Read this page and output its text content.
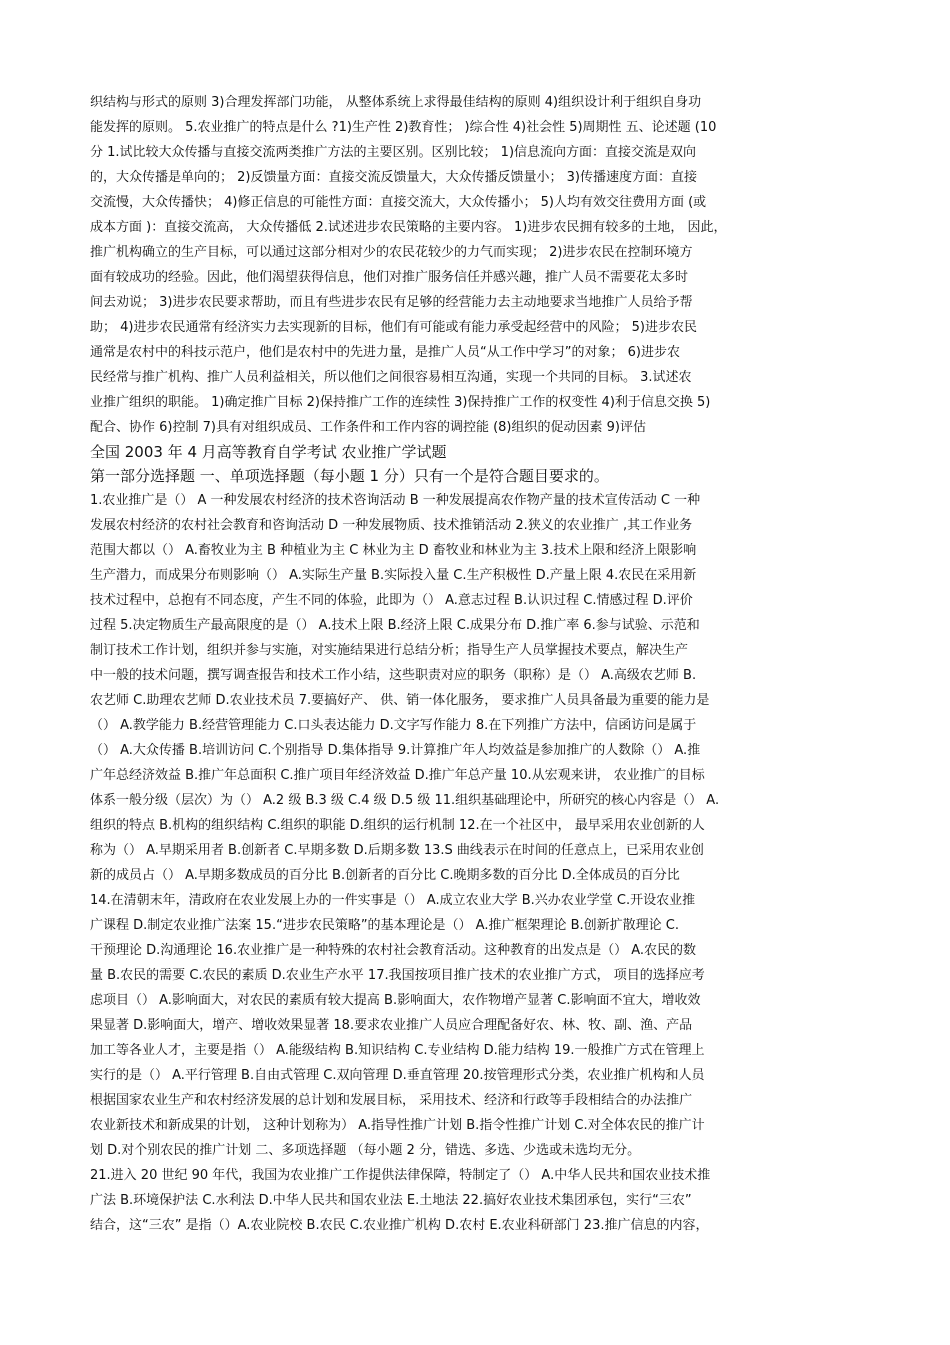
织结构与形式的原则 3)合理发挥部门功能， 从整体系统上求得最佳结构的原则 4)组织设计利于组织自身功
能发挥的原则。 5.农业推广的特点是什么 ?1)生产性 2)教育性； )综合性 4)社会性 5)周期性 五、论述题 (10
分 1.试比较大众传播与直接交流两类推广方法的主要区别。区别比较； 1)信息流向方面：直接交流是双向
的，大众传播是单向的； 2)反馈量方面：直接交流反馈量大，大众传播反馈量小； 3)传播速度方面：直接
交流慢，大众传播快； 4)修正信息的可能性方面：直接交流大，大众传播小； 5)人均有效交往费用方面 (或
成本方面 )：直接交流高， 大众传播低 2.试述进步农民策略的主要内容。 1)进步农民拥有较多的土地， 因此，
推广机构确立的生产目标，可以通过这部分相对少的农民花较少的力气而实现； 2)进步农民在控制环境方
面有较成功的经验。因此，他们渴望获得信息，他们对推广服务信任并感兴趣，推广人员不需要花太多时
间去劝说； 3)进步农民要求帮助，而且有些进步农民有足够的经营能力去主动地要求当地推广人员给予帮
助； 4)进步农民通常有经济实力去实现新的目标，他们有可能或有能力承受起经营中的风险； 5)进步农民
通常是农村中的科技示范户，他们是农村中的先进力量，是推广人员“从工作中学习”的对象； 6)进步农
民经常与推广机构、推广人员利益相关，所以他们之间很容易相互沟通，实现一个共同的目标。 3.试述农
业推广组织的职能。 1)确定推广目标 2)保持推广工作的连续性 3)保持推广工作的权变性 4)利于信息交换 5)
配合、协作 6)控制 7)具有对组织成员、工作条件和工作内容的调控能 (8)组织的促动因素 9)评估
全国 2003 年 4 月高等教育自学考试 农业推广学试题
第一部分选择题 一、单项选择题（每小题 1 分）只有一个是符合题目要求的。
1.农业推广是（） A 一种发展农村经济的技术咨询活动 B 一种发展提高农作物产量的技术宣传活动 C 一种
发展农村经济的农村社会教育和咨询活动 D 一种发展物质、技术推销活动 2.狭义的农业推广 ,其工作业务
范围大都以（） A.畜牧业为主 B 种植业为主 C 林业为主 D 畜牧业和林业为主 3.技术上限和经济上限影响
生产潜力，而成果分布则影响（） A.实际生产量 B.实际投入量 C.生产积极性 D.产量上限 4.农民在采用新
技术过程中，总抱有不同态度，产生不同的体验，此即为（） A.意志过程 B.认识过程 C.情感过程 D.评价
过程 5.决定物质生产最高限度的是（） A.技术上限 B.经济上限 C.成果分布 D.推广率 6.参与试验、示范和
制订技术工作计划，组织并参与实施，对实施结果进行总结分析；指导生产人员掌握技术要点，解决生产
中一般的技术问题，撰写调查报告和技术工作小结，这些职责对应的职务（职称）是（） A.高级农艺师 B.
农艺师 C.助理农艺师 D.农业技术员 7.要搞好产、 供、销一体化服务， 要求推广人员具备最为重要的能力是
（） A.教学能力 B.经营管理能力 C.口头表达能力 D.文字写作能力 8.在下列推广方法中，信函访问是属于
（） A.大众传播 B.培训访问 C.个别指导 D.集体指导 9.计算推广年人均效益是参加推广的人数除（） A.推
广年总经济效益 B.推广年总面积 C.推广项目年经济效益 D.推广年总产量 10.从宏观来讲， 农业推广的目标
体系一般分级（层次）为（） A.2 级 B.3 级 C.4 级 D.5 级 11.组织基础理论中，所研究的核心内容是（） A.
组织的特点 B.机构的组织结构 C.组织的职能 D.组织的运行机制 12.在一个社区中， 最早采用农业创新的人
称为（） A.早期采用者 B.创新者 C.早期多数 D.后期多数 13.S 曲线表示在时间的任意点上，已采用农业创
新的成员占（） A.早期多数成员的百分比 B.创新者的百分比 C.晚期多数的百分比 D.全体成员的百分比
14.在清朝末年，清政府在农业发展上办的一件实事是（） A.成立农业大学 B.兴办农业学堂 C.开设农业推
广课程 D.制定农业推广法案 15.“进步农民策略”的基本理论是（） A.推广框架理论 B.创新扩散理论 C.
干预理论 D.沟通理论 16.农业推广是一种特殊的农村社会教育活动。这种教育的出发点是（） A.农民的数
量 B.农民的需要 C.农民的素质 D.农业生产水平 17.我国按项目推广技术的农业推广方式， 项目的选择应考
虑项目（） A.影响面大，对农民的素质有较大提高 B.影响面大，农作物增产显著 C.影响面不宜大，增收效
果显著 D.影响面大，增产、增收效果显著 18.要求农业推广人员应合理配备好农、林、牧、副、渔、产品
加工等各业人才，主要是指（） A.能级结构 B.知识结构 C.专业结构 D.能力结构 19.一般推广方式在管理上
实行的是（） A.平行管理 B.自由式管理 C.双向管理 D.垂直管理 20.按管理形式分类，农业推广机构和人员
根据国家农业生产和农村经济发展的总计划和发展目标， 采用技术、经济和行政等手段相结合的办法推广
农业新技术和新成果的计划， 这种计划称为） A.指导性推广计划 B.指令性推广计划 C.对全体农民的推广计
划 D.对个别农民的推广计划 二、多项选择题 （每小题 2 分，错选、多选、少选或未选均无分。
21.进入 20 世纪 90 年代，我国为农业推广工作提供法律保障，特制定了（） A.中华人民共和国农业技术推
广法 B.环境保护法 C.水利法 D.中华人民共和国农业法 E.土地法 22.搞好农业技术集团承包，实行“三农”
结合，这“三农” 是指（）A.农业院校 B.农民 C.农业推广机构 D.农村 E.农业科研部门 23.推广信息的内容，
